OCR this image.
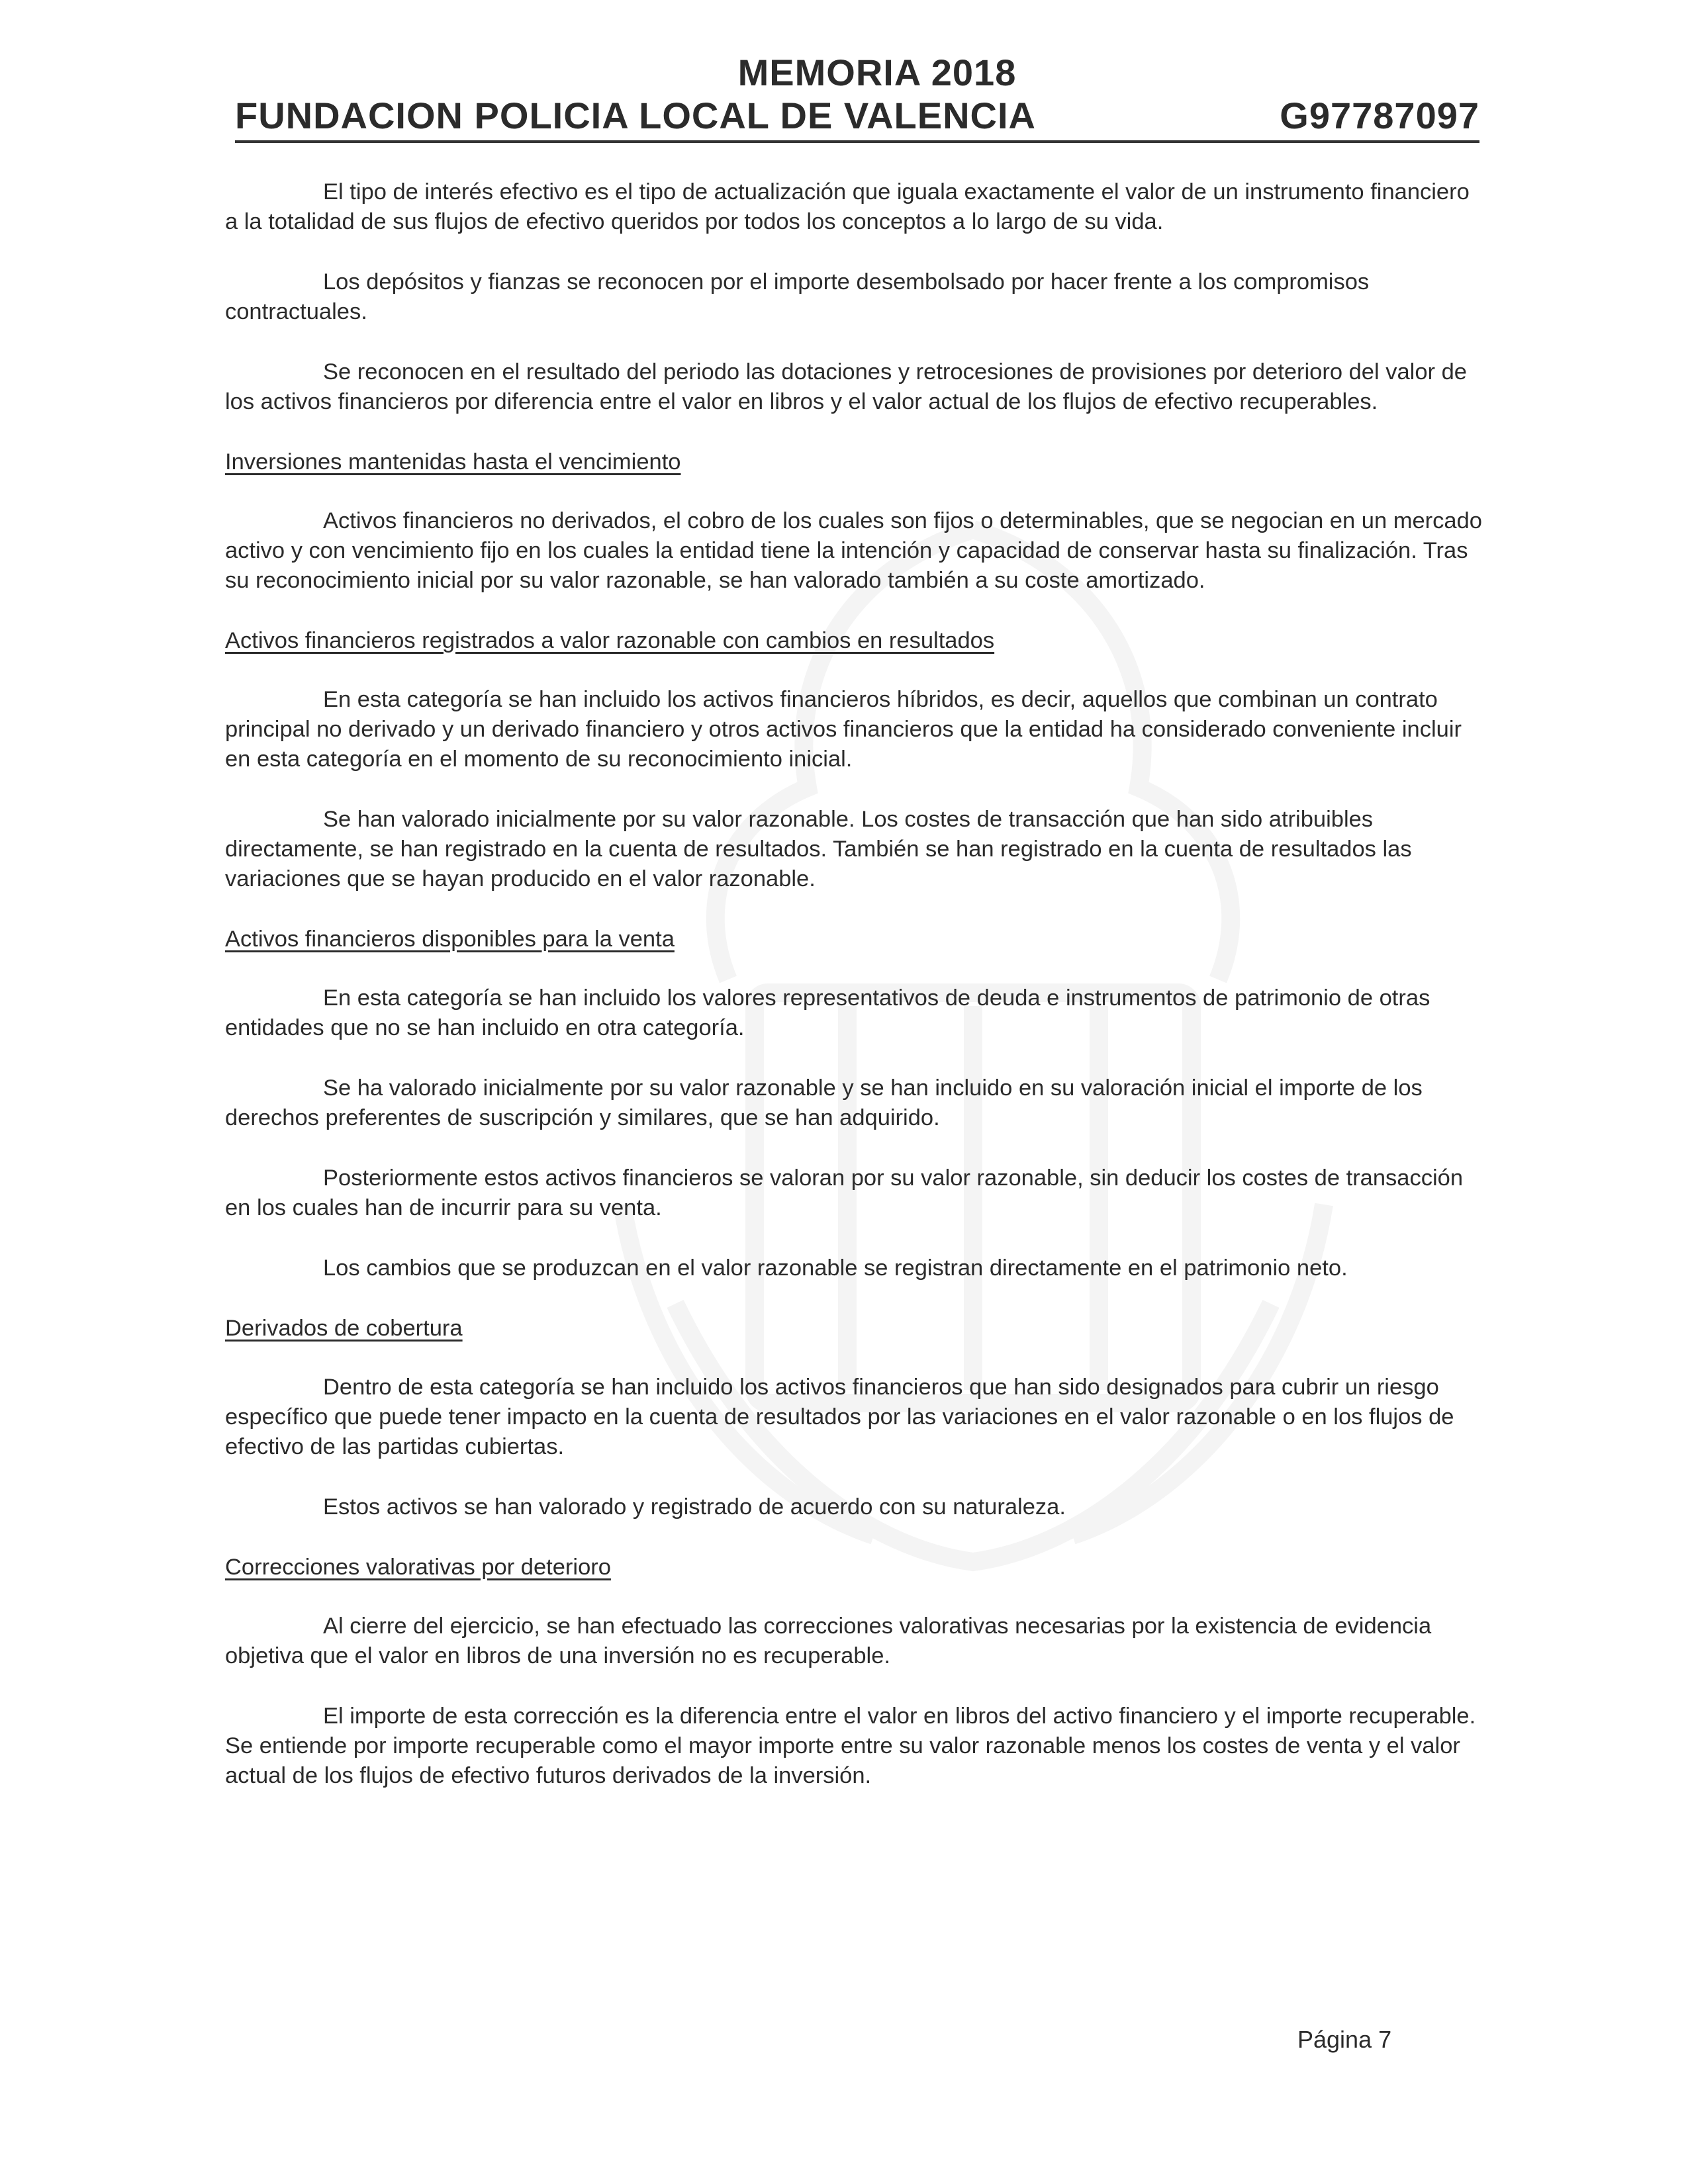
MEMORIA 2018
FUNDACION POLICIA LOCAL DE VALENCIA	G97787097

El tipo de interés efectivo es el tipo de actualización que iguala exactamente el valor de un instrumento financiero a la totalidad de sus flujos de efectivo queridos por todos los conceptos a lo largo de su vida.

Los depósitos y fianzas se reconocen por el importe desembolsado por hacer frente a los compromisos contractuales.

Se reconocen en el resultado del periodo las dotaciones y retrocesiones de provisiones por deterioro del valor de los activos financieros por diferencia entre el valor en libros y el valor actual de los flujos de efectivo recuperables.

Inversiones mantenidas hasta el vencimiento

Activos financieros no derivados, el cobro de los cuales son fijos o determinables, que se negocian en un mercado activo y con vencimiento fijo en los cuales la entidad tiene la intención y capacidad de conservar hasta su finalización. Tras su reconocimiento inicial por su valor razonable, se han valorado también a su coste amortizado.

Activos financieros registrados a valor razonable con cambios en resultados

En esta categoría se han incluido los activos financieros híbridos, es decir, aquellos que combinan un contrato principal no derivado y un derivado financiero y otros activos financieros que la entidad ha considerado conveniente incluir en esta categoría en el momento de su reconocimiento inicial.

Se han valorado inicialmente por su valor razonable. Los costes de transacción que han sido atribuibles directamente, se han registrado en la cuenta de resultados. También se han registrado en la cuenta de resultados las variaciones que se hayan producido en el valor razonable.

Activos financieros disponibles para la venta

En esta categoría se han incluido los valores representativos de deuda e instrumentos de patrimonio de otras entidades que no se han incluido en otra categoría.

Se ha valorado inicialmente por su valor razonable y se han incluido en su valoración inicial el importe de los derechos preferentes de suscripción y similares, que se han adquirido.

Posteriormente estos activos financieros se valoran por su valor razonable, sin deducir los costes de transacción en los cuales han de incurrir para su venta.

Los cambios que se produzcan en el valor razonable se registran directamente en el patrimonio neto.

Derivados de cobertura

Dentro de esta categoría se han incluido los activos financieros que han sido designados para cubrir un riesgo específico que puede tener impacto en la cuenta de resultados por las variaciones en el valor razonable o en los flujos de efectivo de las partidas cubiertas.

Estos activos se han valorado y registrado de acuerdo con su naturaleza.

Correcciones valorativas por deterioro

Al cierre del ejercicio, se han efectuado las correcciones valorativas necesarias por la existencia de evidencia objetiva que el valor en libros de una inversión no es recuperable.

El importe de esta corrección es la diferencia entre el valor en libros del activo financiero y el importe recuperable. Se entiende por importe recuperable como el mayor importe entre su valor razonable menos los costes de venta y el valor actual de los flujos de efectivo futuros derivados de la inversión.

Página 7
